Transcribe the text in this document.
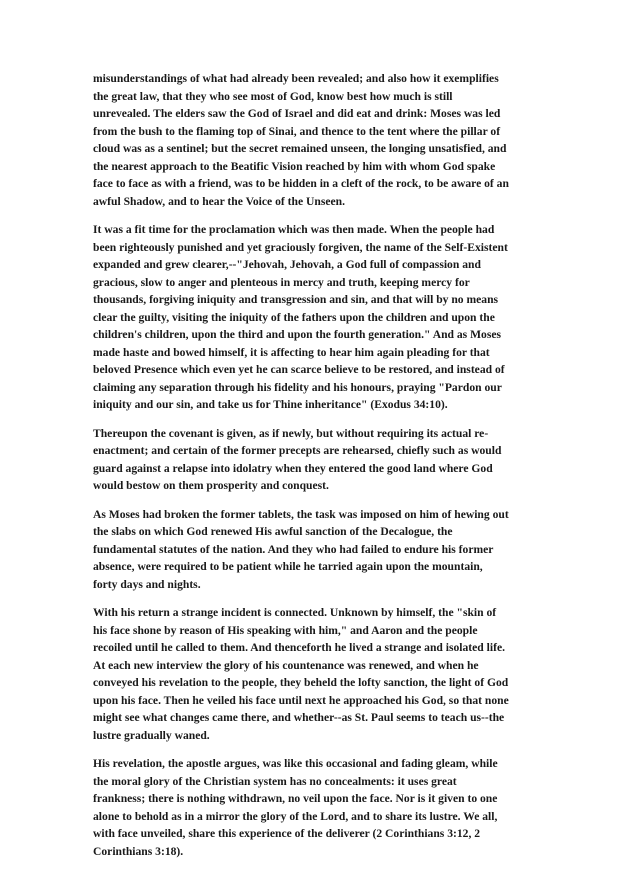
misunderstandings of what had already been revealed; and also how it exemplifies
the great law, that they who see most of God, know best how much is still
unrevealed. The elders saw the God of Israel and did eat and drink: Moses was led
from the bush to the flaming top of Sinai, and thence to the tent where the pillar of
cloud was as a sentinel; but the secret remained unseen, the longing unsatisfied, and
the nearest approach to the Beatific Vision reached by him with whom God spake
face to face as with a friend, was to be hidden in a cleft of the rock, to be aware of an
awful Shadow, and to hear the Voice of the Unseen.

It was a fit time for the proclamation which was then made. When the people had
been righteously punished and yet graciously forgiven, the name of the Self-Existent
expanded and grew clearer,--"Jehovah, Jehovah, a God full of compassion and
gracious, slow to anger and plenteous in mercy and truth, keeping mercy for
thousands, forgiving iniquity and transgression and sin, and that will by no means
clear the guilty, visiting the iniquity of the fathers upon the children and upon the
children's children, upon the third and upon the fourth generation." And as Moses
made haste and bowed himself, it is affecting to hear him again pleading for that
beloved Presence which even yet he can scarce believe to be restored, and instead of
claiming any separation through his fidelity and his honours, praying "Pardon our
iniquity and our sin, and take us for Thine inheritance" (Exodus 34:10).

Thereupon the covenant is given, as if newly, but without requiring its actual re-
enactment; and certain of the former precepts are rehearsed, chiefly such as would
guard against a relapse into idolatry when they entered the good land where God
would bestow on them prosperity and conquest.

As Moses had broken the former tablets, the task was imposed on him of hewing out
the slabs on which God renewed His awful sanction of the Decalogue, the
fundamental statutes of the nation. And they who had failed to endure his former
absence, were required to be patient while he tarried again upon the mountain,
forty days and nights.

With his return a strange incident is connected. Unknown by himself, the "skin of
his face shone by reason of His speaking with him," and Aaron and the people
recoiled until he called to them. And thenceforth he lived a strange and isolated life.
At each new interview the glory of his countenance was renewed, and when he
conveyed his revelation to the people, they beheld the lofty sanction, the light of God
upon his face. Then he veiled his face until next he approached his God, so that none
might see what changes came there, and whether--as St. Paul seems to teach us--the
lustre gradually waned.

His revelation, the apostle argues, was like this occasional and fading gleam, while
the moral glory of the Christian system has no concealments: it uses great
frankness; there is nothing withdrawn, no veil upon the face. Nor is it given to one
alone to behold as in a mirror the glory of the Lord, and to share its lustre. We all,
with face unveiled, share this experience of the deliverer (2 Corinthians 3:12, 2
Corinthians 3:18).
